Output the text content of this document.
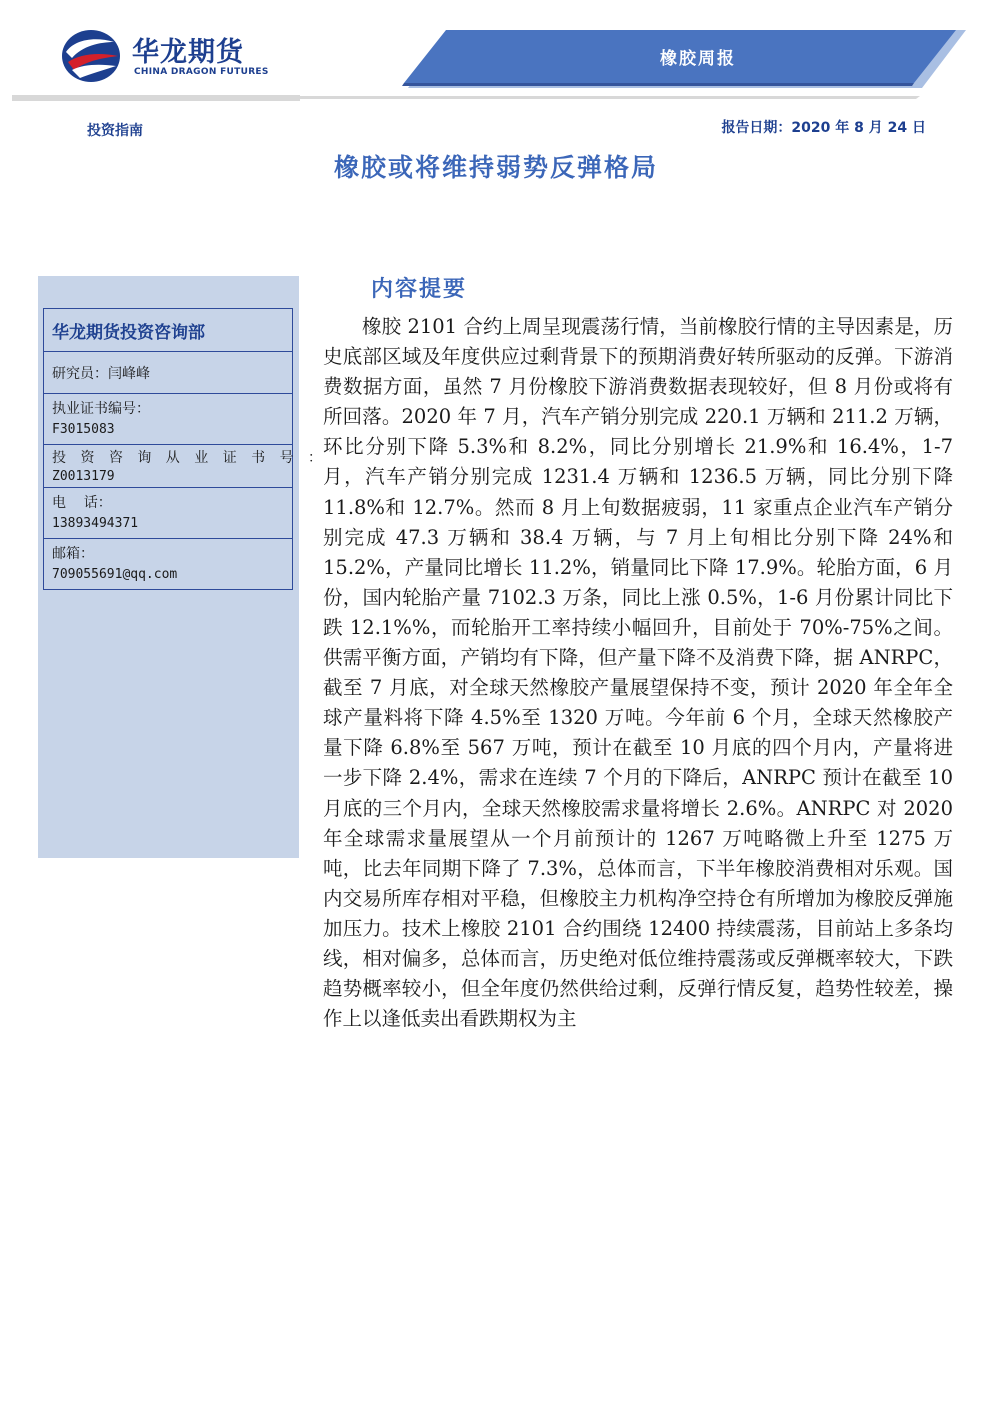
华龙期货
CHINA DRAGON FUTURES
橡胶周报
投资指南	报告日期：2020 年 8 月 24 日
橡胶或将维持弱势反弹格局
华龙期货投资咨询部
研究员：闫峰峰
执业证书编号：
F3015083
投 资 咨 询 从 业 证 书 号 ：
Z0013179
电    话：
13893494371
邮箱：
709055691@qq.com
内容提要

橡胶 2101 合约上周呈现震荡行情，当前橡胶行情的主导因素是，历史底部区域及年度供应过剩背景下的预期消费好转所驱动的反弹。下游消费数据方面，虽然 7 月份橡胶下游消费数据表现较好，但 8 月份或将有所回落。2020 年 7 月，汽车产销分别完成 220.1 万辆和 211.2 万辆，环比分别下降 5.3%和 8.2%，同比分别增长 21.9%和 16.4%，1-7 月，汽车产销分别完成 1231.4 万辆和 1236.5 万辆，同比分别下降 11.8%和 12.7%。然而 8 月上旬数据疲弱，11 家重点企业汽车产销分别完成 47.3 万辆和 38.4 万辆，与 7 月上旬相比分别下降 24%和 15.2%，产量同比增长 11.2%，销量同比下降 17.9%。轮胎方面，6 月份，国内轮胎产量 7102.3 万条，同比上涨 0.5%，1-6 月份累计同比下跌 12.1%%，而轮胎开工率持续小幅回升，目前处于 70%-75%之间。供需平衡方面，产销均有下降，但产量下降不及消费下降，据 ANRPC，截至 7 月底，对全球天然橡胶产量展望保持不变，预计 2020 年全年全球产量料将下降 4.5%至 1320 万吨。今年前 6 个月，全球天然橡胶产量下降 6.8%至 567 万吨，预计在截至 10 月底的四个月内，产量将进一步下降 2.4%，需求在连续 7 个月的下降后，ANRPC 预计在截至 10 月底的三个月内，全球天然橡胶需求量将增长 2.6%。ANRPC 对 2020 年全球需求量展望从一个月前预计的 1267 万吨略微上升至 1275 万吨，比去年同期下降了 7.3%，总体而言，下半年橡胶消费相对乐观。国内交易所库存相对平稳，但橡胶主力机构净空持仓有所增加为橡胶反弹施加压力。技术上橡胶 2101 合约围绕 12400 持续震荡，目前站上多条均线，相对偏多，总体而言，历史绝对低位维持震荡或反弹概率较大，下跌趋势概率较小，但全年度仍然供给过剩，反弹行情反复，趋势性较差，操作上以逢低卖出看跌期权为主
